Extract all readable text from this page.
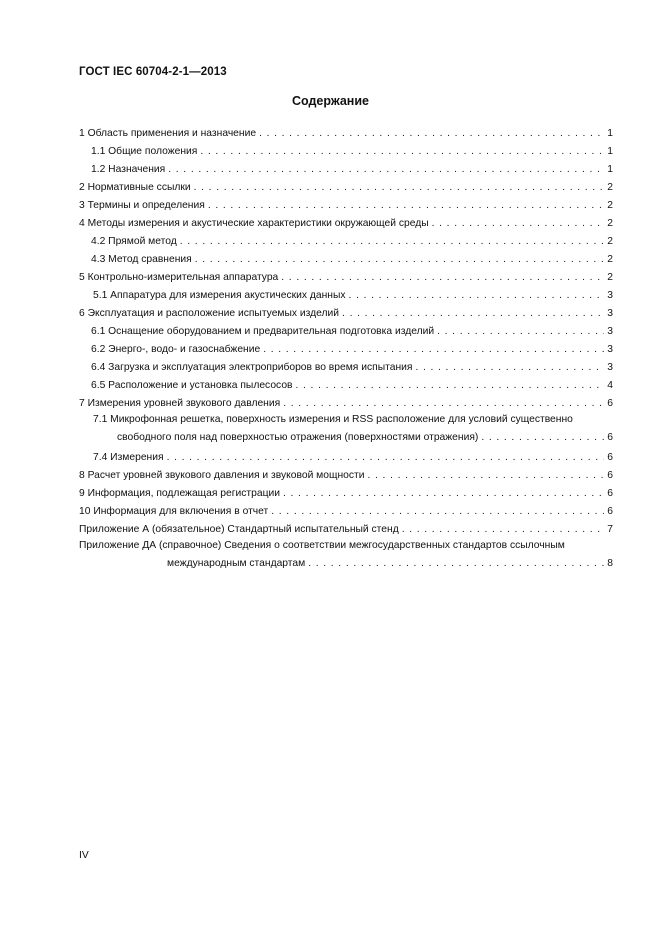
ГОСТ IEC 60704-2-1—2013
Содержание
1 Область применения и назначение . . .	1
1.1 Общие положения . . .	1
1.2 Назначения . . .	1
2 Нормативные ссылки . . .	2
3 Термины и определения . . .	2
4 Методы измерения и акустические характеристики окружающей среды . . .	2
4.2 Прямой метод . . .	2
4.3 Метод сравнения . . .	2
5 Контрольно-измерительная аппаратура . . .	2
5.1 Аппаратура для измерения акустических данных . . .	3
6 Эксплуатация и расположение испытуемых изделий . . .	3
6.1 Оснащение оборудованием и предварительная подготовка изделий . . .	3
6.2 Энерго-, водо- и газоснабжение . . .	3
6.4 Загрузка и эксплуатация электроприборов во время испытания . . .	3
6.5 Расположение и установка пылесосов . . .	4
7 Измерения уровней звукового давления . . .	6
7.1 Микрофонная решетка, поверхность измерения и RSS расположение для условий существенно
свободного поля над поверхностью отражения (поверхностями отражения) . . .	6
7.4 Измерения . . .	6
8 Расчет уровней звукового давления и звуковой мощности . . .	6
9 Информация, подлежащая регистрации . . .	6
10 Информация для включения в отчет . . .	6
Приложение А (обязательное) Стандартный испытательный стенд . . .	7
Приложение ДА (справочное) Сведения о соответствии межгосударственных стандартов ссылочным
международным стандартам . . .	8
IV
